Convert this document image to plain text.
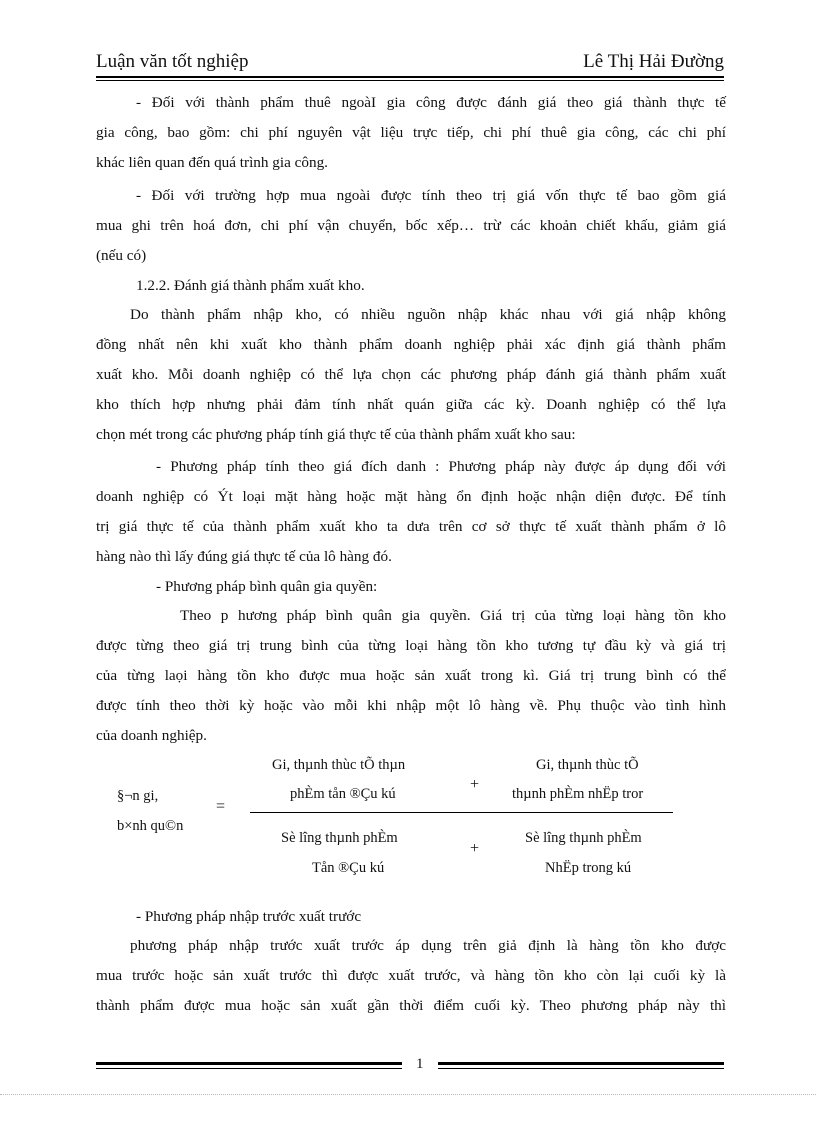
Luận văn tốt nghiệp	Lê Thị Hải Đường
- Đối với thành phẩm thuê ngoàI gia công được đánh giá theo giá thành thực tế
gia công, bao gồm: chi phí nguyên vật liệu trực tiếp, chi phí thuê gia công, các chi phí
khác liên quan đến quá trình gia công.
- Đối với trường hợp mua ngoài được tính theo trị giá vốn thực tế bao gồm giá
mua ghi trên hoá đơn, chi phí vận chuyển, bốc xếp… trừ các khoản chiết khấu, giảm giá
(nếu có)
1.2.2. Đánh giá thành phẩm xuất kho.
Do thành phẩm nhập kho, có nhiều nguồn nhập khác nhau với giá nhập không
đồng nhất nên khi xuất kho thành phẩm doanh nghiệp phải xác định giá thành phẩm
xuất kho. Mỗi doanh nghiệp có thể lựa chọn các phương pháp đánh giá thành phẩm xuất
kho thích hợp nhưng phải đảm tính nhất quán giữa các kỳ. Doanh nghiệp có thể lựa
chọn mét trong các phương pháp tính giá thực tế của thành phẩm xuất kho sau:
- Phương pháp tính theo giá đích danh : Phương pháp này được áp dụng đối với
doanh nghiệp có Ýt loại mặt hàng hoặc mặt hàng ổn định hoặc nhận diện được. Để tính
trị giá thực tế của thành phẩm xuất kho ta dưa trên cơ sở thực tế xuất thành phẩm ở lô
hàng nào thì lấy đúng giá thực tế của lô hàng đó.
- Phương pháp bình quân gia quyền:
Theo p hương pháp bình quân gia quyền. Giá trị của từng loại hàng tồn kho
được từng theo giá trị trung bình của từng loại hàng tồn kho tương tự đầu kỳ và giá trị
của từng laọi hàng tồn kho được mua hoặc sản xuất trong kì. Giá trị trung bình có thể
được tính theo thời kỳ hoặc vào mỗi khi nhập một lô hàng về. Phụ thuộc vào tình hình
của doanh nghiệp.
§¬n gi,
b×nh qu©n
=
Gi, thµnh thùc tÕ thµn
phÈm tån ®Çu kú
+
Gi, thµnh thùc tÕ
thµnh phÈm nhËp tror
Sè lîng thµnh phÈm
Tån ®Çu kú
+
Sè lîng thµnh phÈm
NhËp trong kú
- Phương pháp nhập trước xuất trước
phương pháp nhập trước xuất trước áp dụng trên giả định là hàng tồn kho được
mua trước hoặc sản xuất trước thì được xuất trước, và hàng tồn kho còn lại cuối kỳ là
thành phẩm được mua hoặc sản xuất gần thời điểm cuối kỳ. Theo phương pháp này thì
1
